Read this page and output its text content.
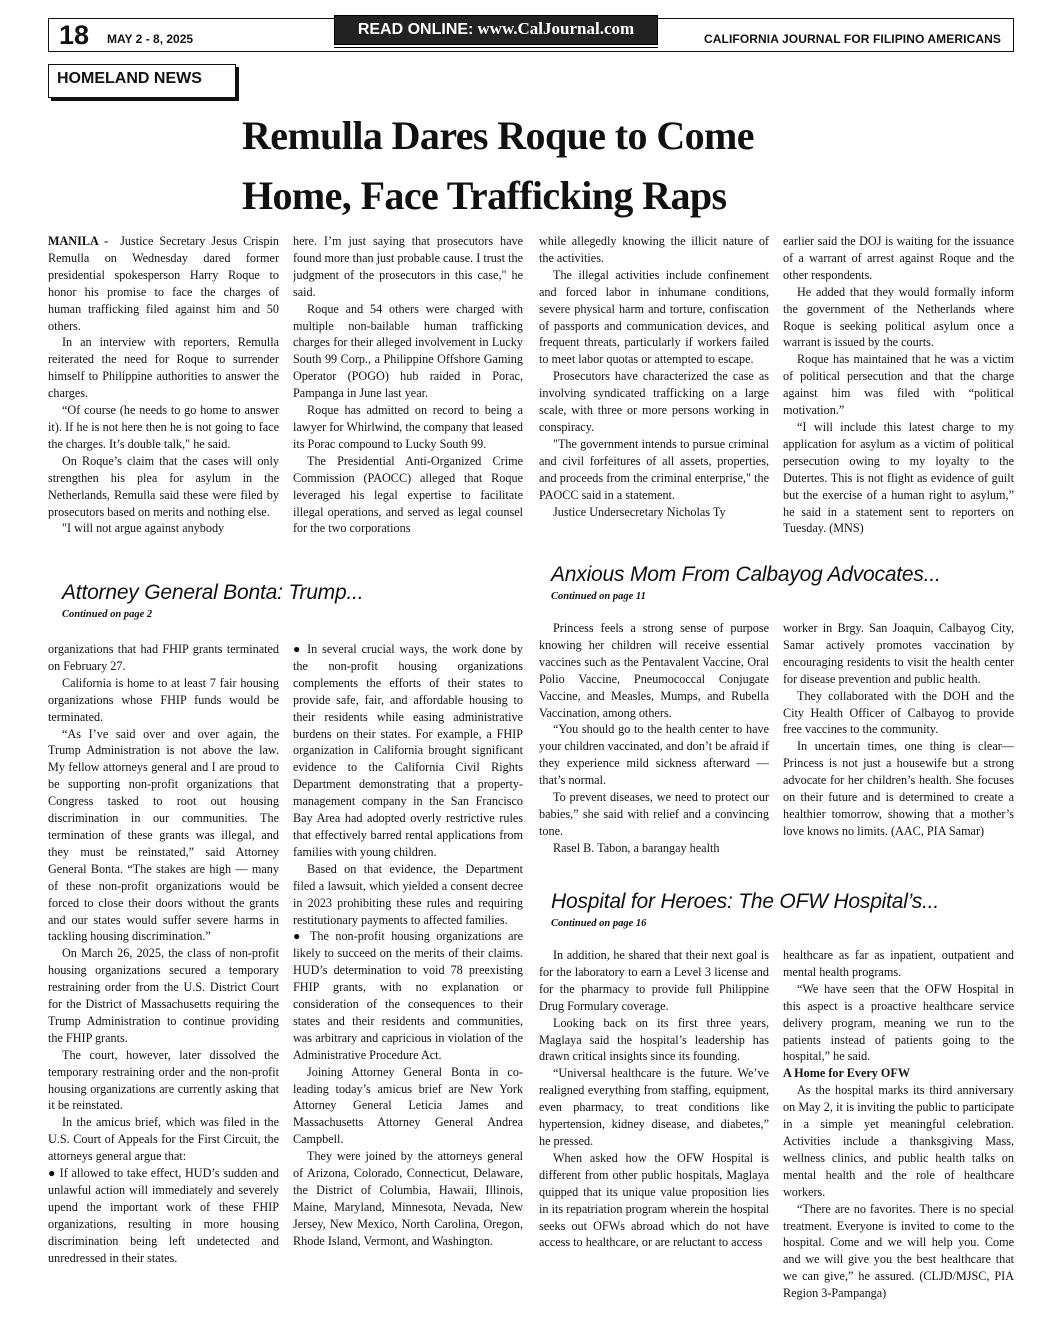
18 MAY 2 - 8, 2025
READ ONLINE: www.CalJournal.com
CALIFORNIA JOURNAL FOR FILIPINO AMERICANS
HOMELAND NEWS
Remulla Dares Roque to Come
Home, Face Trafficking Raps

MANILA - Justice Secretary Jesus Crispin Remulla on Wednesday dared former presidential spokesperson Harry Roque to honor his promise to face the charges of human trafficking filed against him and 50 others.

In an interview with reporters, Remulla reiterated the need for Roque to surrender himself to Philippine authorities to answer the charges.

“Of course (he needs to go home to answer it). If he is not here then he is not going to face the charges. It’s double talk," he said.

On Roque’s claim that the cases will only strengthen his plea for asylum in the Netherlands, Remulla said these were filed by prosecutors based on merits and nothing else.

"I will not argue against anybody

here. I’m just saying that prosecutors have found more than just probable cause. I trust the judgment of the prosecutors in this case," he said.

Roque and 54 others were charged with multiple non-bailable human trafficking charges for their alleged involvement in Lucky South 99 Corp., a Philippine Offshore Gaming Operator (POGO) hub raided in Porac, Pampanga in June last year.

Roque has admitted on record to being a lawyer for Whirlwind, the company that leased its Porac compound to Lucky South 99.

The Presidential Anti-Organized Crime Commission (PAOCC) alleged that Roque leveraged his legal expertise to facilitate illegal operations, and served as legal counsel for the two corporations

while allegedly knowing the illicit nature of the activities.

The illegal activities include confinement and forced labor in inhumane conditions, severe physical harm and torture, confiscation of passports and communication devices, and frequent threats, particularly if workers failed to meet labor quotas or attempted to escape.

Prosecutors have characterized the case as involving syndicated trafficking on a large scale, with three or more persons working in conspiracy.

"The government intends to pursue criminal and civil forfeitures of all assets, properties, and proceeds from the criminal enterprise," the PAOCC said in a statement.

Justice Undersecretary Nicholas Ty

earlier said the DOJ is waiting for the issuance of a warrant of arrest against Roque and the other respondents.

He added that they would formally inform the government of the Netherlands where Roque is seeking political asylum once a warrant is issued by the courts.

Roque has maintained that he was a victim of political persecution and that the charge against him was filed with “political motivation.”

“I will include this latest charge to my application for asylum as a victim of political persecution owing to my loyalty to the Dutertes. This is not flight as evidence of guilt but the exercise of a human right to asylum,” he said in a statement sent to reporters on Tuesday. (MNS)

Attorney General Bonta: Trump...
Continued on page 2

organizations that had FHIP grants terminated on February 27.

California is home to at least 7 fair housing organizations whose FHIP funds would be terminated.

“As I’ve said over and over again, the Trump Administration is not above the law. My fellow attorneys general and I are proud to be supporting non-profit organizations that Congress tasked to root out housing discrimination in our communities. The termination of these grants was illegal, and they must be reinstated,” said Attorney General Bonta. “The stakes are high — many of these non-profit organizations would be forced to close their doors without the grants and our states would suffer severe harms in tackling housing discrimination.”

On March 26, 2025, the class of non-profit housing organizations secured a temporary restraining order from the U.S. District Court for the District of Massachusetts requiring the Trump Administration to continue providing the FHIP grants.

The court, however, later dissolved the temporary restraining order and the non-profit housing organizations are currently asking that it be reinstated.

In the amicus brief, which was filed in the U.S. Court of Appeals for the First Circuit, the attorneys general argue that:

● If allowed to take effect, HUD’s sudden and unlawful action will immediately and severely upend the important work of these FHIP organizations, resulting in more housing discrimination being left undetected and unredressed in their states.

● In several crucial ways, the work done by the non-profit housing organizations complements the efforts of their states to provide safe, fair, and affordable housing to their residents while easing administrative burdens on their states. For example, a FHIP organization in California brought significant evidence to the California Civil Rights Department demonstrating that a property-management company in the San Francisco Bay Area had adopted overly restrictive rules that effectively barred rental applications from families with young children.

Based on that evidence, the Department filed a lawsuit, which yielded a consent decree in 2023 prohibiting these rules and requiring restitutionary payments to affected families.

● The non-profit housing organizations are likely to succeed on the merits of their claims. HUD’s determination to void 78 preexisting FHIP grants, with no explanation or consideration of the consequences to their states and their residents and communities, was arbitrary and capricious in violation of the Administrative Procedure Act.

Joining Attorney General Bonta in co-leading today’s amicus brief are New York Attorney General Leticia James and Massachusetts Attorney General Andrea Campbell.

They were joined by the attorneys general of Arizona, Colorado, Connecticut, Delaware, the District of Columbia, Hawaii, Illinois, Maine, Maryland, Minnesota, Nevada, New Jersey, New Mexico, North Carolina, Oregon, Rhode Island, Vermont, and Washington.

Anxious Mom From Calbayog Advocates...
Continued on page 11

Princess feels a strong sense of purpose knowing her children will receive essential vaccines such as the Pentavalent Vaccine, Oral Polio Vaccine, Pneumococcal Conjugate Vaccine, and Measles, Mumps, and Rubella Vaccination, among others.

“You should go to the health center to have your children vaccinated, and don’t be afraid if they experience mild sickness afterward — that’s normal.

To prevent diseases, we need to protect our babies,” she said with relief and a convincing tone.

Rasel B. Tabon, a barangay health

worker in Brgy. San Joaquin, Calbayog City, Samar actively promotes vaccination by encouraging residents to visit the health center for disease prevention and public health.

They collaborated with the DOH and the City Health Officer of Calbayog to provide free vaccines to the community.

In uncertain times, one thing is clear—Princess is not just a housewife but a strong advocate for her children’s health. She focuses on their future and is determined to create a healthier tomorrow, showing that a mother’s love knows no limits. (AAC, PIA Samar)

Hospital for Heroes: The OFW Hospital’s...
Continued on page 16

In addition, he shared that their next goal is for the laboratory to earn a Level 3 license and for the pharmacy to provide full Philippine Drug Formulary coverage.

Looking back on its first three years, Maglaya said the hospital’s leadership has drawn critical insights since its founding.

“Universal healthcare is the future. We’ve realigned everything from staffing, equipment, even pharmacy, to treat conditions like hypertension, kidney disease, and diabetes,” he pressed.

When asked how the OFW Hospital is different from other public hospitals, Maglaya quipped that its unique value proposition lies in its repatriation program wherein the hospital seeks out OFWs abroad which do not have access to healthcare, or are reluctant to access

healthcare as far as inpatient, outpatient and mental health programs.

“We have seen that the OFW Hospital in this aspect is a proactive healthcare service delivery program, meaning we run to the patients instead of patients going to the hospital,” he said.

A Home for Every OFW

As the hospital marks its third anniversary on May 2, it is inviting the public to participate in a simple yet meaningful celebration. Activities include a thanksgiving Mass, wellness clinics, and public health talks on mental health and the role of healthcare workers.

“There are no favorites. There is no special treatment. Everyone is invited to come to the hospital. Come and we will help you. Come and we will give you the best healthcare that we can give,” he assured. (CLJD/MJSC, PIA Region 3-Pampanga)
